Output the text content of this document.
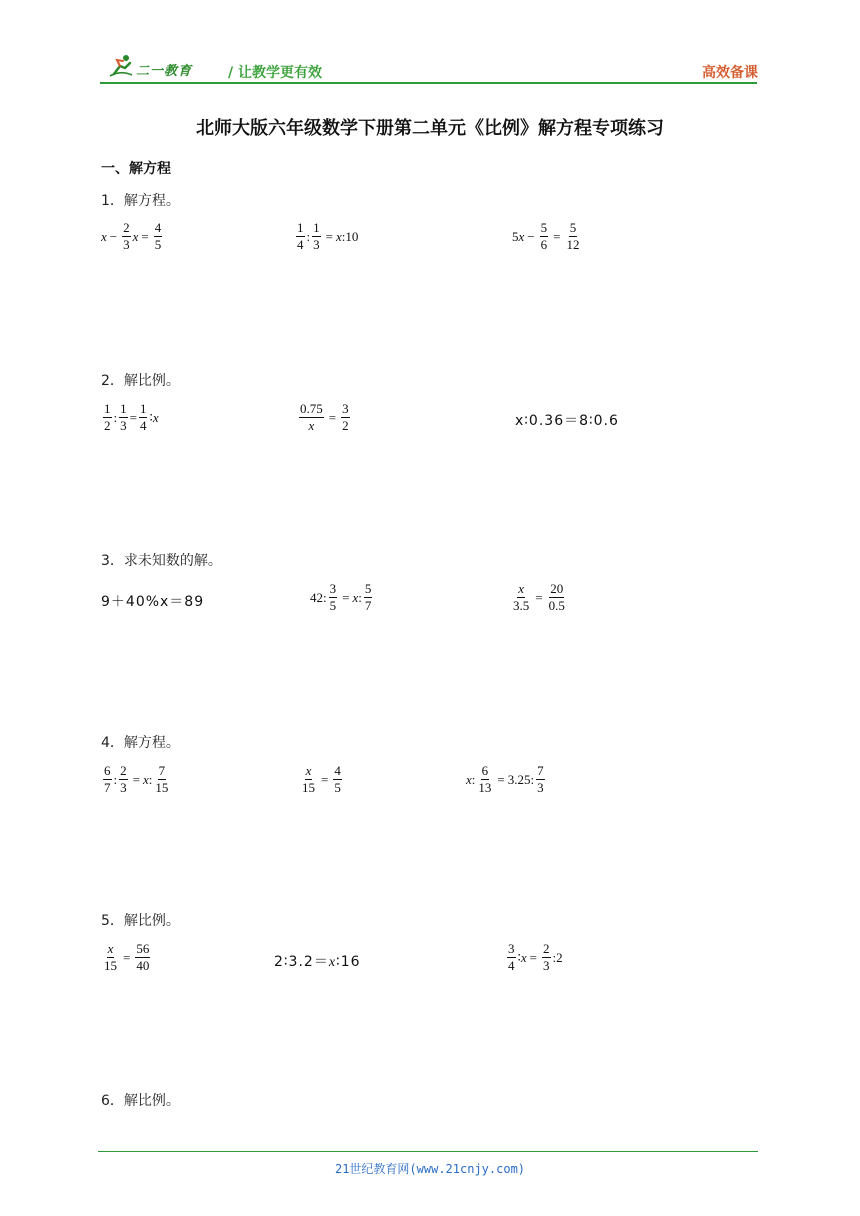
二一教育	/ 让教学更有效	高效备课
北师大版六年级数学下册第二单元《比例》解方程专项练习
一、解方程
1．解方程。
$x - \frac{2}{3}$ $x = \frac{4}{5}$	$\frac{1}{4}$ : $\frac{1}{3} = x$ :10	5 $x - \frac{5}{6} = \frac{5}{12}$
2．解比例。
$\frac{1}{2}$ : $\frac{1}{3} = \frac{1}{4}$ ∶ x	$\frac{0.75}{x} = \frac{3}{2}$	x∶0.36＝8∶0.6
3．求未知数的解。
9＋40%x＝89	42 : $\frac{3}{5} = x$ : $\frac{5}{7}$	$\frac{x}{3.5} = \frac{20}{0.5}$
4．解方程。
$\frac{6}{7}$ : $\frac{2}{3} = x$ : $\frac{7}{15}$	$\frac{x}{15} = \frac{4}{5}$	x : $\frac{6}{13} = 3.25$ : $\frac{7}{3}$
5．解比例。
$\frac{x}{15} = \frac{56}{40}$	2∶3.2＝x∶16	$\frac{3}{4}$ ∶ $x = \frac{2}{3}$ :2
6．解比例。
21世纪教育网(www.21cnjy.com)
